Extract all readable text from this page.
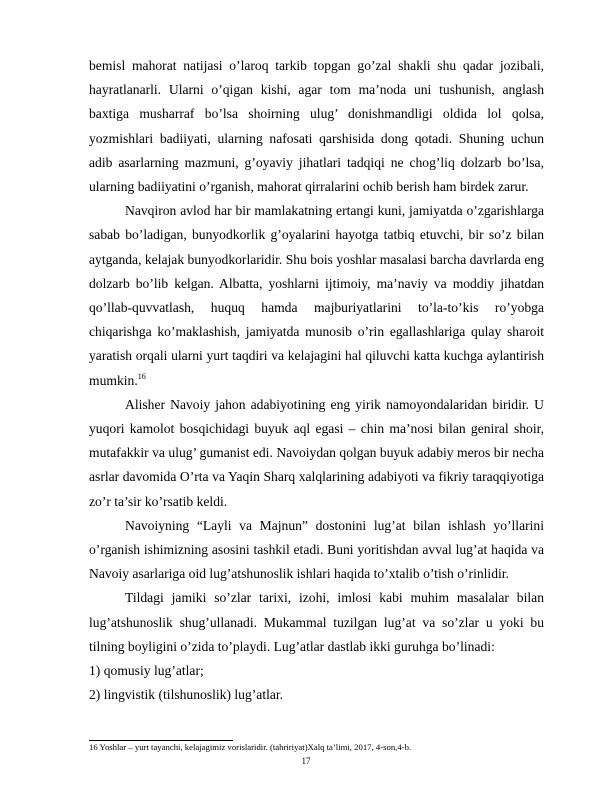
bemisl mahorat natijasi o’laroq tarkib topgan go’zal shakli shu qadar jozibali, hayratlanarli. Ularni o’qigan kishi, agar tom ma’noda uni tushunish, anglash baxtiga musharraf bo’lsa shoirning ulug’ donishmandligi oldida lol qolsa, yozmishlari badiiyati, ularning nafosati qarshisida dong qotadi. Shuning uchun adib asarlarning mazmuni, g’oyaviy jihatlari tadqiqi ne chog’liq dolzarb bo’lsa, ularning badiiyatini o’rganish, mahorat qirralarini ochib berish ham birdek zarur.

Navqiron avlod har bir mamlakatning ertangi kuni, jamiyatda o’zgarishlarga sabab bo’ladigan, bunyodkorlik g’oyalarini hayotga tatbiq etuvchi, bir so’z bilan aytganda, kelajak bunyodkorlaridir. Shu bois yoshlar masalasi barcha davrlarda eng dolzarb bo’lib kelgan. Albatta, yoshlarni ijtimoiy, ma’naviy va moddiy jihatdan qo’llab-quvvatlash, huquq hamda majburiyatlarini to’la-to’kis ro’yobga chiqarishga ko’maklashish, jamiyatda munosib o’rin egallashlariga qulay sharoit yaratish orqali ularni yurt taqdiri va kelajagini hal qiluvchi katta kuchga aylantirish mumkin.$^{16}$

Alisher Navoiy jahon adabiyotining eng yirik namoyondalaridan biridir. U yuqori kamolot bosqichidagi buyuk aql egasi – chin ma’nosi bilan geniral shoir, mutafakkir va ulug’ gumanist edi. Navoiydan qolgan buyuk adabiy meros bir necha asrlar davomida O’rta va Yaqin Sharq xalqlarining adabiyoti va fikriy taraqqiyotiga zo’r ta’sir ko’rsatib keldi.

Navoiyning “Layli va Majnun” dostonini lug’at bilan ishlash yo’llarini o’rganish ishimizning asosini tashkil etadi. Buni yoritishdan avval lug’at haqida va Navoiy asarlariga oid lug’atshunoslik ishlari haqida to’xtalib o’tish o’rinlidir.

Tildagi jamiki so’zlar tarixi, izohi, imlosi kabi muhim masalalar bilan lug’atshunoslik shug’ullanadi. Mukammal tuzilgan lug’at va so’zlar u yoki bu tilning boyligini o’zida to’playdi. Lug’atlar dastlab ikki guruhga bo’linadi:

1) qomusiy lug’atlar;

2) lingvistik (tilshunoslik) lug’atlar.

16 Yoshlar – yurt tayanchi, kelajagimiz vorislaridir. (tahririyat)Xalq ta’limi, 2017, 4-son,4-b.
17
